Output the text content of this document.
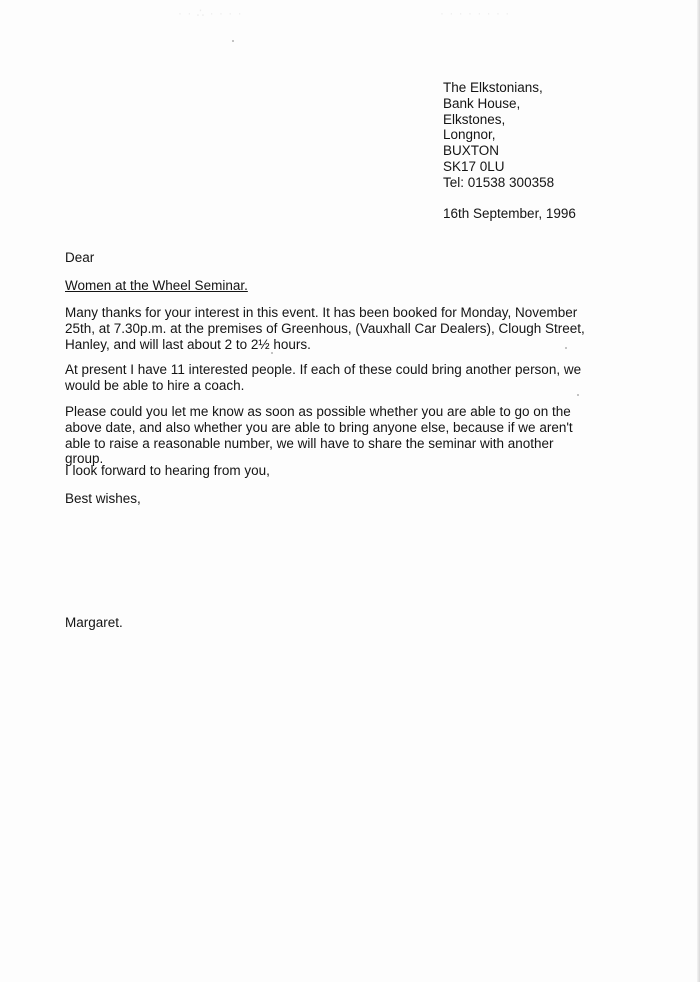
· · ∴ · · · ·	· · · · · · · ·
The Elkstonians,
Bank House,
Elkstones,
Longnor,
BUXTON
SK17 0LU
Tel: 01538 300358
16th September, 1996
Dear
Women at the Wheel Seminar.
Many thanks for your interest in this event. It has been booked for Monday, November 25th, at 7.30p.m. at the premises of Greenhous, (Vauxhall Car Dealers), Clough Street, Hanley, and will last about 2 to 2½ hours.
At present I have 11 interested people. If each of these could bring another person, we would be able to hire a coach.
Please could you let me know as soon as possible whether you are able to go on the above date, and also whether you are able to bring anyone else, because if we aren't able to raise a reasonable number, we will have to share the seminar with another group.
I look forward to hearing from you,
Best wishes,
Margaret.
